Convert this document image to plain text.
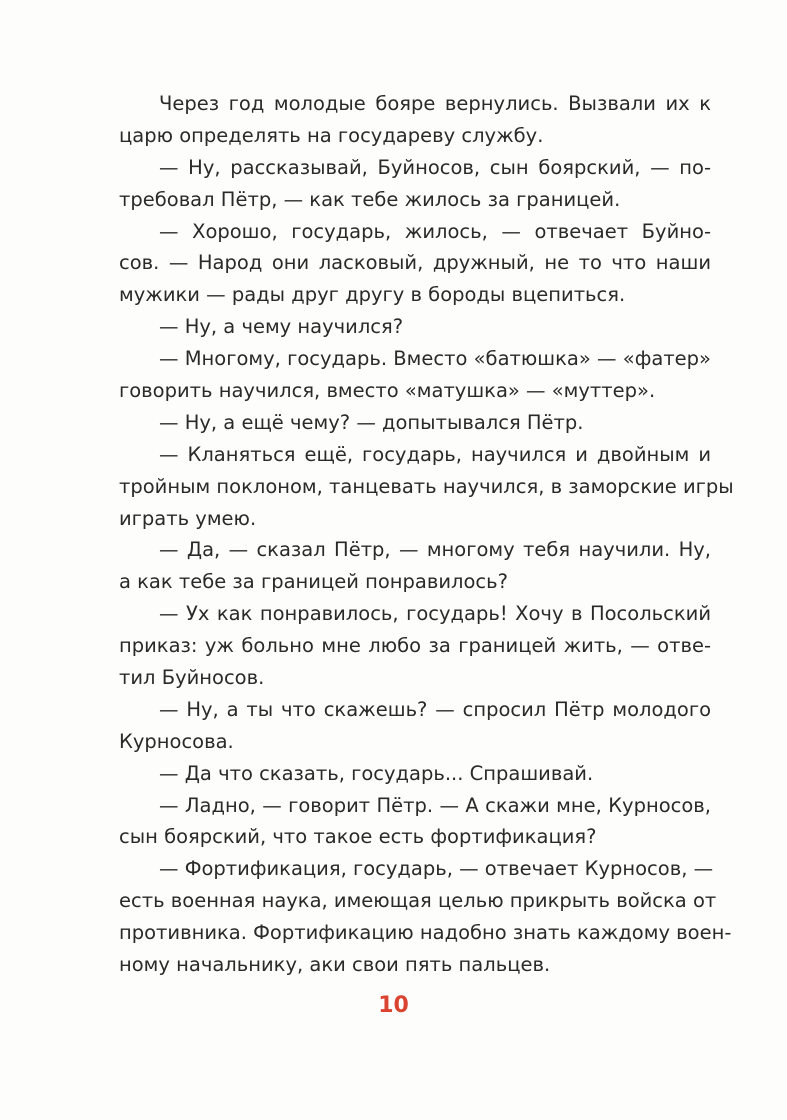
Через год молодые бояре вернулись. Вызвали их к
царю определять на государеву службу.
— Ну, рассказывай, Буйносов, сын боярский, — по-
требовал Пётр, — как тебе жилось за границей.
— Хорошо, государь, жилось, — отвечает Буйно-
сов. — Народ они ласковый, дружный, не то что наши
мужики — рады друг другу в бороды вцепиться.
— Ну, а чему научился?
— Многому, государь. Вместо «батюшка» — «фатер»
говорить научился, вместо «матушка» — «муттер».
— Ну, а ещё чему? — допытывался Пётр.
— Кланяться ещё, государь, научился и двойным и
тройным поклоном, танцевать научился, в заморские игры
играть умею.
— Да, — сказал Пётр, — многому тебя научили. Ну,
а как тебе за границей понравилось?
— Ух как понравилось, государь! Хочу в Посольский
приказ: уж больно мне любо за границей жить, — отве-
тил Буйносов.
— Ну, а ты что скажешь? — спросил Пётр молодого
Курносова.
— Да что сказать, государь... Спрашивай.
— Ладно, — говорит Пётр. — А скажи мне, Курносов,
сын боярский, что такое есть фортификация?
— Фортификация, государь, — отвечает Курносов, —
есть военная наука, имеющая целью прикрыть войска от
противника. Фортификацию надобно знать каждому воен-
ному начальнику, аки свои пять пальцев.
10
